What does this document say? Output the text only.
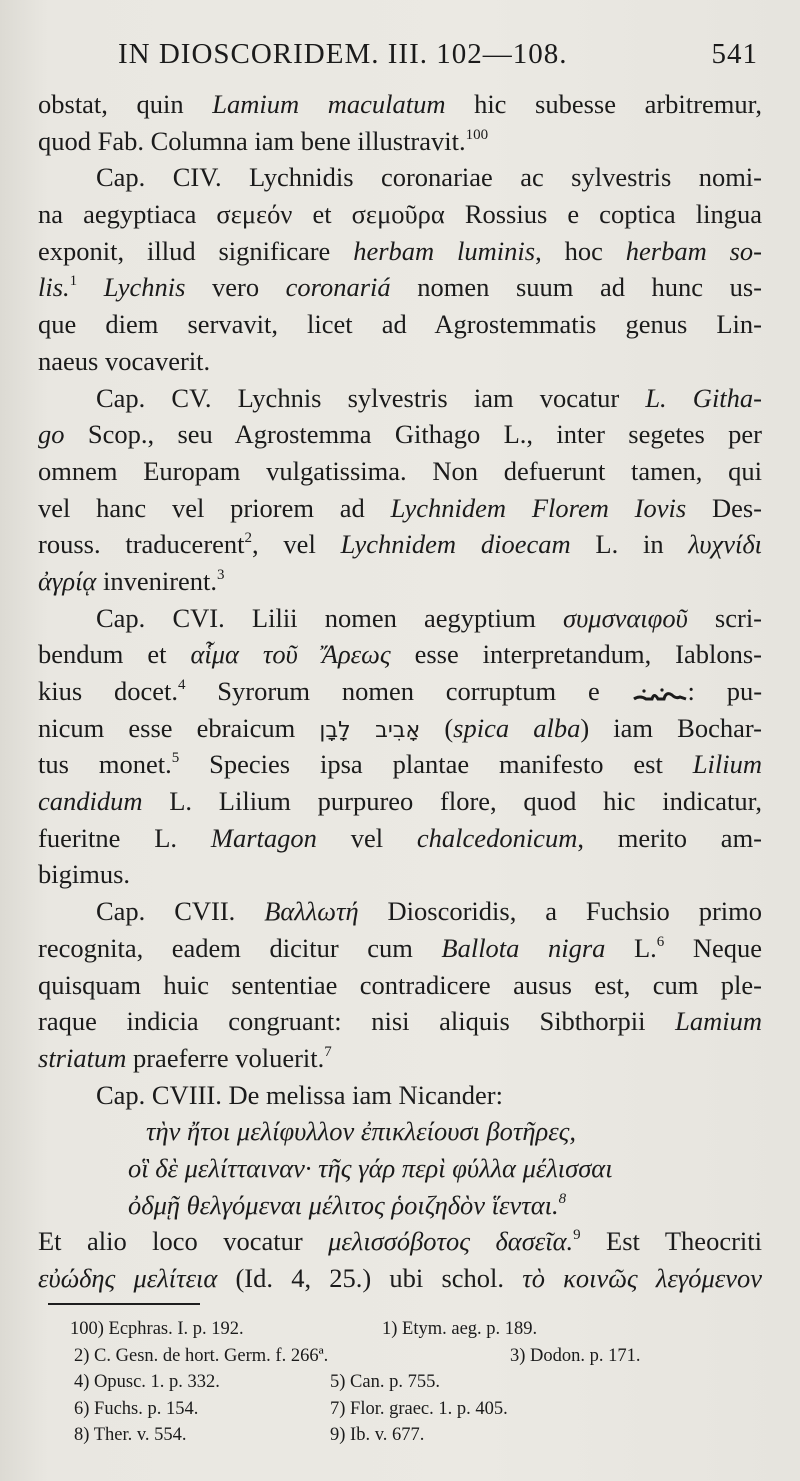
IN DIOSCORIDEM. III. 102—108.	541
obstat, quin Lamium maculatum hic subesse arbitremur,
quod Fab. Columna iam bene illustravit.$^{100}$
Cap. CIV. Lychnidis coronariae ac sylvestris nomi-
na aegyptiaca σεμεόν et σεμοῦρα Rossius e coptica lingua
exponit, illud significare herbam luminis, hoc herbam so-
lis.$^1$ Lychnis vero coronariá nomen suum ad hunc us-
que diem servavit, licet ad Agrostemmatis genus Lin-
naeus vocaverit.
Cap. CV. Lychnis sylvestris iam vocatur L. Githa-
go Scop., seu Agrostemma Githago L., inter segetes per
omnem Europam vulgatissima. Non defuerunt tamen, qui
vel hanc vel priorem ad Lychnidem Florem Iovis Des-
rouss. traducerent$^2$, vel Lychnidem dioecam L. in λυχνίδι
ἀγρίᾳ invenirent.$^3$
Cap. CVI. Lilii nomen aegyptium συμσναιφοῦ scri-
bendum et αἷμα τοῦ Ἄρεως esse interpretandum, Iablons-
kius docet.$^4$ Syrorum nomen corruptum e : pu-
nicum esse ebraicum אָבִיב לָבָן (spica alba) iam Bochar-
tus monet.$^5$ Species ipsa plantae manifesto est Lilium
candidum L. Lilium purpureo flore, quod hic indicatur,
fueritne L. Martagon vel chalcedonicum, merito am-
bigimus.
Cap. CVII. Βαλλωτή Dioscoridis, a Fuchsio primo
recognita, eadem dicitur cum Ballota nigra L.$^6$ Neque
quisquam huic sententiae contradicere ausus est, cum ple-
raque indicia congruant: nisi aliquis Sibthorpii Lamium
striatum praeferre voluerit.$^7$
Cap. CVIII. De melissa iam Nicander:
τὴν ἤτοι μελίφυλλον ἐπικλείουσι βοτῆρες,
οἳ δὲ μελίτταιναν· τῆς γάρ περὶ φύλλα μέλισσαι
ὀδμῇ θελγόμεναι μέλιτος ῥοιζηδὸν ἵενται.$^8$
Et alio loco vocatur μελισσόβοτος δασεῖα.$^9$ Est Theocriti
εὐώδης μελίτεια (Id. 4, 25.) ubi schol. τὸ κοινῶς λεγόμενον
100) Ecphras. I. p. 192.	1) Etym. aeg. p. 189.
2) C. Gesn. de hort. Germ. f. 266ª.	3) Dodon. p. 171.
4) Opusc. 1. p. 332.	5) Can. p. 755.
6) Fuchs. p. 154.	7) Flor. graec. 1. p. 405.
8) Ther. v. 554.	9) Ib. v. 677.
